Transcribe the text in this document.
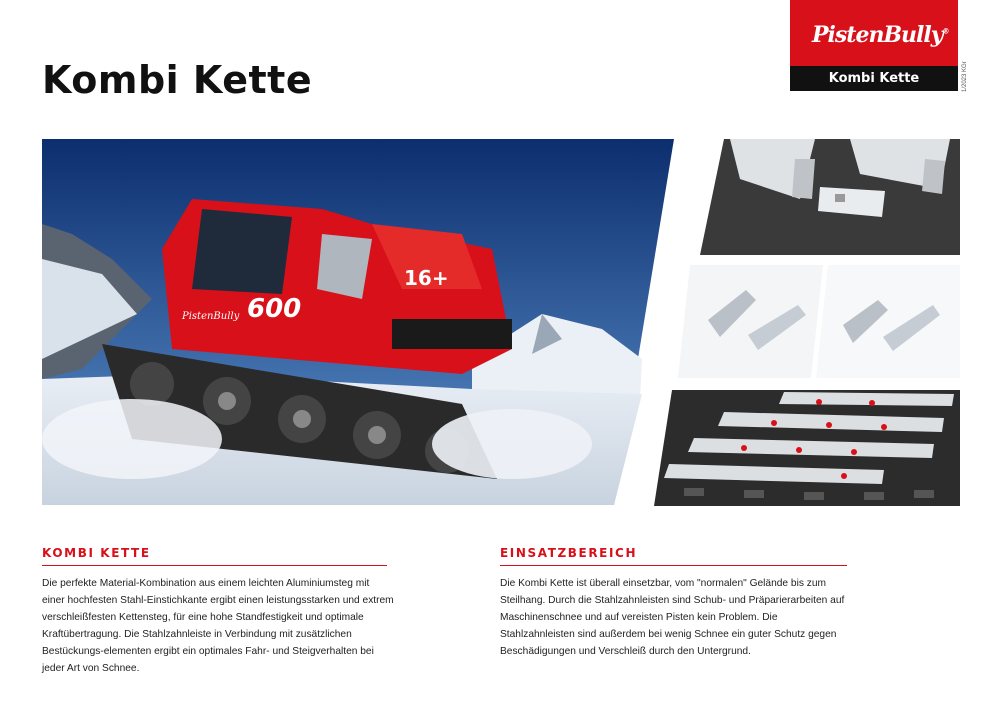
Kombi Kette
PistenBully®
Kombi Kette	1/2023 KGr
600
PistenBully
16+
KOMBI KETTE

Die perfekte Material-Kombination aus einem leichten Aluminiumsteg mit einer hochfesten Stahl-Einstichkante ergibt einen leistungsstarken und extrem verschleißfesten Kettensteg, für eine hohe Standfestigkeit und optimale Kraftübertragung. Die Stahlzahnleiste in Verbindung mit zusätzlichen Bestückungs-elementen ergibt ein optimales Fahr- und Steigverhalten bei jeder Art von Schnee.

EINSATZBEREICH

Die Kombi Kette ist überall einsetzbar, vom "normalen" Gelände bis zum Steilhang. Durch die Stahlzahnleisten sind Schub- und Präparierarbeiten auf Maschinenschnee und auf vereisten Pisten kein Problem. Die Stahlzahnleisten sind außerdem bei wenig Schnee ein guter Schutz gegen Beschädigungen und Verschleiß durch den Untergrund.
